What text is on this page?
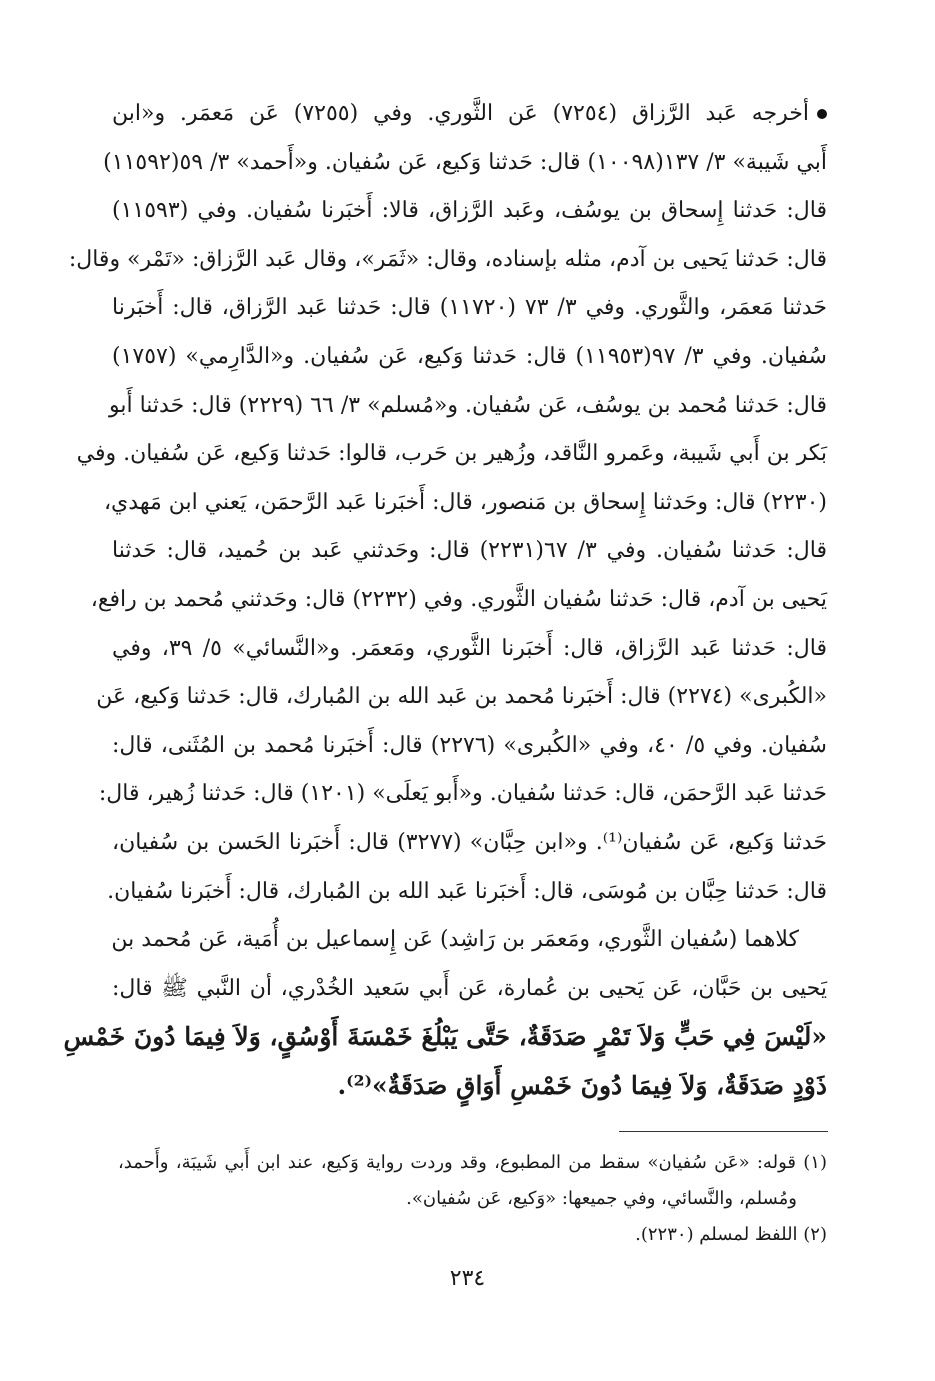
أخرجه عَبد الرَّزاق (٧٢٥٤) عَن الثَّوري. وفي (٧٢٥٥) عَن مَعمَر. و«ابن
أَبي شَيبة» ٣/ ١٣٧(١٠٠٩٨) قال: حَدثنا وَكيع، عَن سُفيان. و«أَحمد» ٣/ ٥٩(١١٥٩٢)
قال: حَدثنا إِسحاق بن يوسُف، وعَبد الرَّزاق، قالا: أَخبَرنا سُفيان. وفي (١١٥٩٣)
قال: حَدثنا يَحيى بن آدم، مثله بإسناده، وقال: «ثَمَر»، وقال عَبد الرَّزاق: «تَمْر» وقال:
حَدثنا مَعمَر، والثَّوري. وفي ٣/ ٧٣ (١١٧٢٠) قال: حَدثنا عَبد الرَّزاق، قال: أَخبَرنا
سُفيان. وفي ٣/ ٩٧(١١٩٥٣) قال: حَدثنا وَكيع، عَن سُفيان. و«الدَّارِمي» (١٧٥٧)
قال: حَدثنا مُحمد بن يوسُف، عَن سُفيان. و«مُسلم» ٣/ ٦٦ (٢٢٢٩) قال: حَدثنا أَبو
بَكر بن أَبي شَيبة، وعَمرو النَّاقد، وزُهير بن حَرب، قالوا: حَدثنا وَكيع، عَن سُفيان. وفي
(٢٢٣٠) قال: وحَدثنا إِسحاق بن مَنصور، قال: أَخبَرنا عَبد الرَّحمَن، يَعني ابن مَهدي،
قال: حَدثنا سُفيان. وفي ٣/ ٦٧(٢٢٣١) قال: وحَدثني عَبد بن حُميد، قال: حَدثنا
يَحيى بن آدم، قال: حَدثنا سُفيان الثَّوري. وفي (٢٢٣٢) قال: وحَدثني مُحمد بن رافع،
قال: حَدثنا عَبد الرَّزاق، قال: أَخبَرنا الثَّوري، ومَعمَر. و«النَّسائي» ٥/ ٣٩، وفي
«الكُبرى» (٢٢٧٤) قال: أَخبَرنا مُحمد بن عَبد الله بن المُبارك، قال: حَدثنا وَكيع، عَن
سُفيان. وفي ٥/ ٤٠، وفي «الكُبرى» (٢٢٧٦) قال: أَخبَرنا مُحمد بن المُثَنى، قال:
حَدثنا عَبد الرَّحمَن، قال: حَدثنا سُفيان. و«أَبو يَعلَى» (١٢٠١) قال: حَدثنا زُهير، قال:
حَدثنا وَكيع، عَن سُفيان⁽¹⁾. و«ابن حِبَّان» (٣٢٧٧) قال: أَخبَرنا الحَسن بن سُفيان،
قال: حَدثنا حِبَّان بن مُوسَى، قال: أَخبَرنا عَبد الله بن المُبارك، قال: أَخبَرنا سُفيان.
كلاهما (سُفيان الثَّوري، ومَعمَر بن رَاشِد) عَن إِسماعيل بن أُمَية، عَن مُحمد بن
يَحيى بن حَبَّان، عَن يَحيى بن عُمارة، عَن أَبي سَعيد الخُدْري، أن النَّبي ﷺ قال:
«لَيْسَ فِي حَبٍّ وَلاَ تَمْرٍ صَدَقَةٌ، حَتَّى يَبْلُغَ خَمْسَةَ أَوْسُقٍ، وَلاَ فِيمَا دُونَ خَمْسِ
ذَوْدٍ صَدَقَةٌ، وَلاَ فِيمَا دُونَ خَمْسِ أَوَاقٍ صَدَقَةٌ»⁽²⁾.
(١) قوله: «عَن سُفيان» سقط من المطبوع، وقد وردت رواية وَكيع، عند ابن أَبي شَيبَة، وأَحمد،
ومُسلم، والنَّسائي، وفي جميعها: «وَكيع، عَن سُفيان».
(٢) اللفظ لمسلم (٢٢٣٠).
٢٣٤
